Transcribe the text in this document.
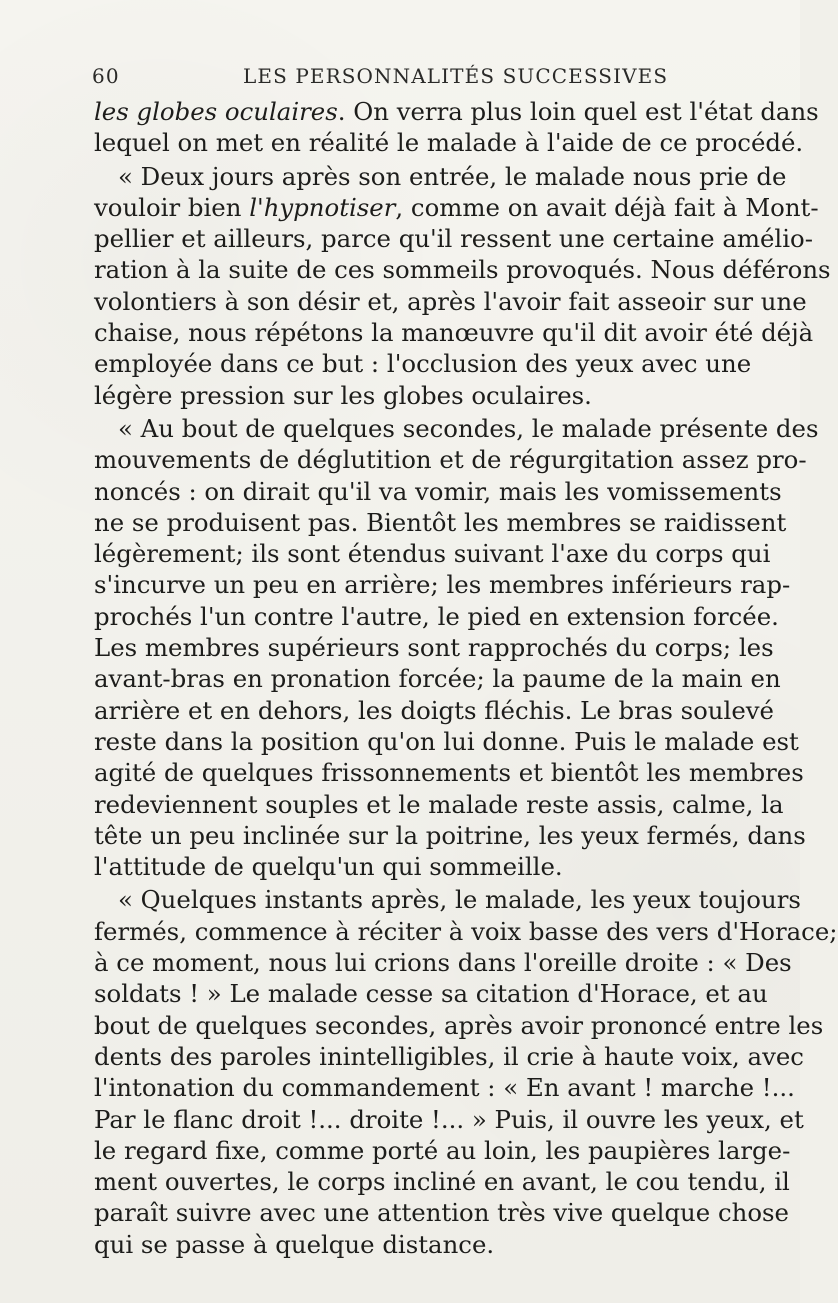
60	LES PERSONNALITÉS SUCCESSIVES

les globes oculaires. On verra plus loin quel est l'état dans

lequel on met en réalité le malade à l'aide de ce procédé.

« Deux jours après son entrée, le malade nous prie de

vouloir bien l'hypnotiser, comme on avait déjà fait à Mont-

pellier et ailleurs, parce qu'il ressent une certaine amélio-

ration à la suite de ces sommeils provoqués. Nous déférons

volontiers à son désir et, après l'avoir fait asseoir sur une

chaise, nous répétons la manœuvre qu'il dit avoir été déjà

employée dans ce but : l'occlusion des yeux avec une

légère pression sur les globes oculaires.

« Au bout de quelques secondes, le malade présente des

mouvements de déglutition et de régurgitation assez pro-

noncés : on dirait qu'il va vomir, mais les vomissements

ne se produisent pas. Bientôt les membres se raidissent

légèrement; ils sont étendus suivant l'axe du corps qui

s'incurve un peu en arrière; les membres inférieurs rap-

prochés l'un contre l'autre, le pied en extension forcée.

Les membres supérieurs sont rapprochés du corps; les

avant-bras en pronation forcée; la paume de la main en

arrière et en dehors, les doigts fléchis. Le bras soulevé

reste dans la position qu'on lui donne. Puis le malade est

agité de quelques frissonnements et bientôt les membres

redeviennent souples et le malade reste assis, calme, la

tête un peu inclinée sur la poitrine, les yeux fermés, dans

l'attitude de quelqu'un qui sommeille.

« Quelques instants après, le malade, les yeux toujours

fermés, commence à réciter à voix basse des vers d'Horace;

à ce moment, nous lui crions dans l'oreille droite : « Des

soldats ! » Le malade cesse sa citation d'Horace, et au

bout de quelques secondes, après avoir prononcé entre les

dents des paroles inintelligibles, il crie à haute voix, avec

l'intonation du commandement : « En avant ! marche !...

Par le flanc droit !... droite !... » Puis, il ouvre les yeux, et

le regard fixe, comme porté au loin, les paupières large-

ment ouvertes, le corps incliné en avant, le cou tendu, il

paraît suivre avec une attention très vive quelque chose

qui se passe à quelque distance.
